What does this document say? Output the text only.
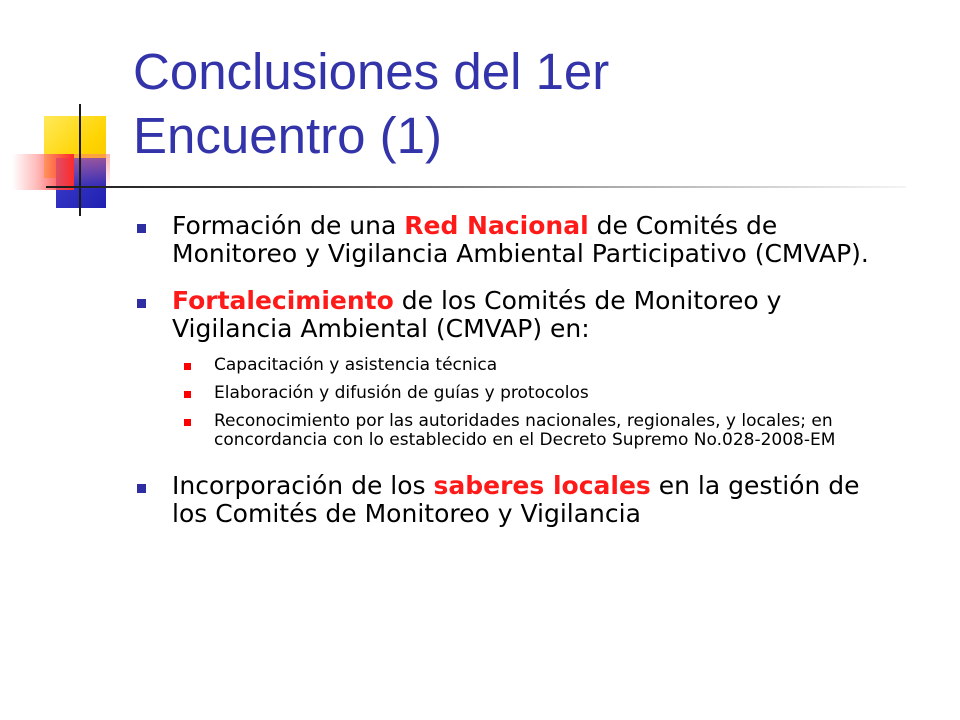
Conclusiones del 1er
Encuentro (1)
Formación de una Red Nacional de Comités de Monitoreo y Vigilancia Ambiental Participativo (CMVAP).
Fortalecimiento de los Comités de Monitoreo y Vigilancia Ambiental (CMVAP) en:
Capacitación y asistencia técnica
Elaboración y difusión de guías y protocolos
Reconocimiento por las autoridades nacionales, regionales, y locales; en concordancia con lo establecido en el Decreto Supremo No.028-2008-EM
Incorporación de los saberes locales en la gestión de los Comités de Monitoreo y Vigilancia
